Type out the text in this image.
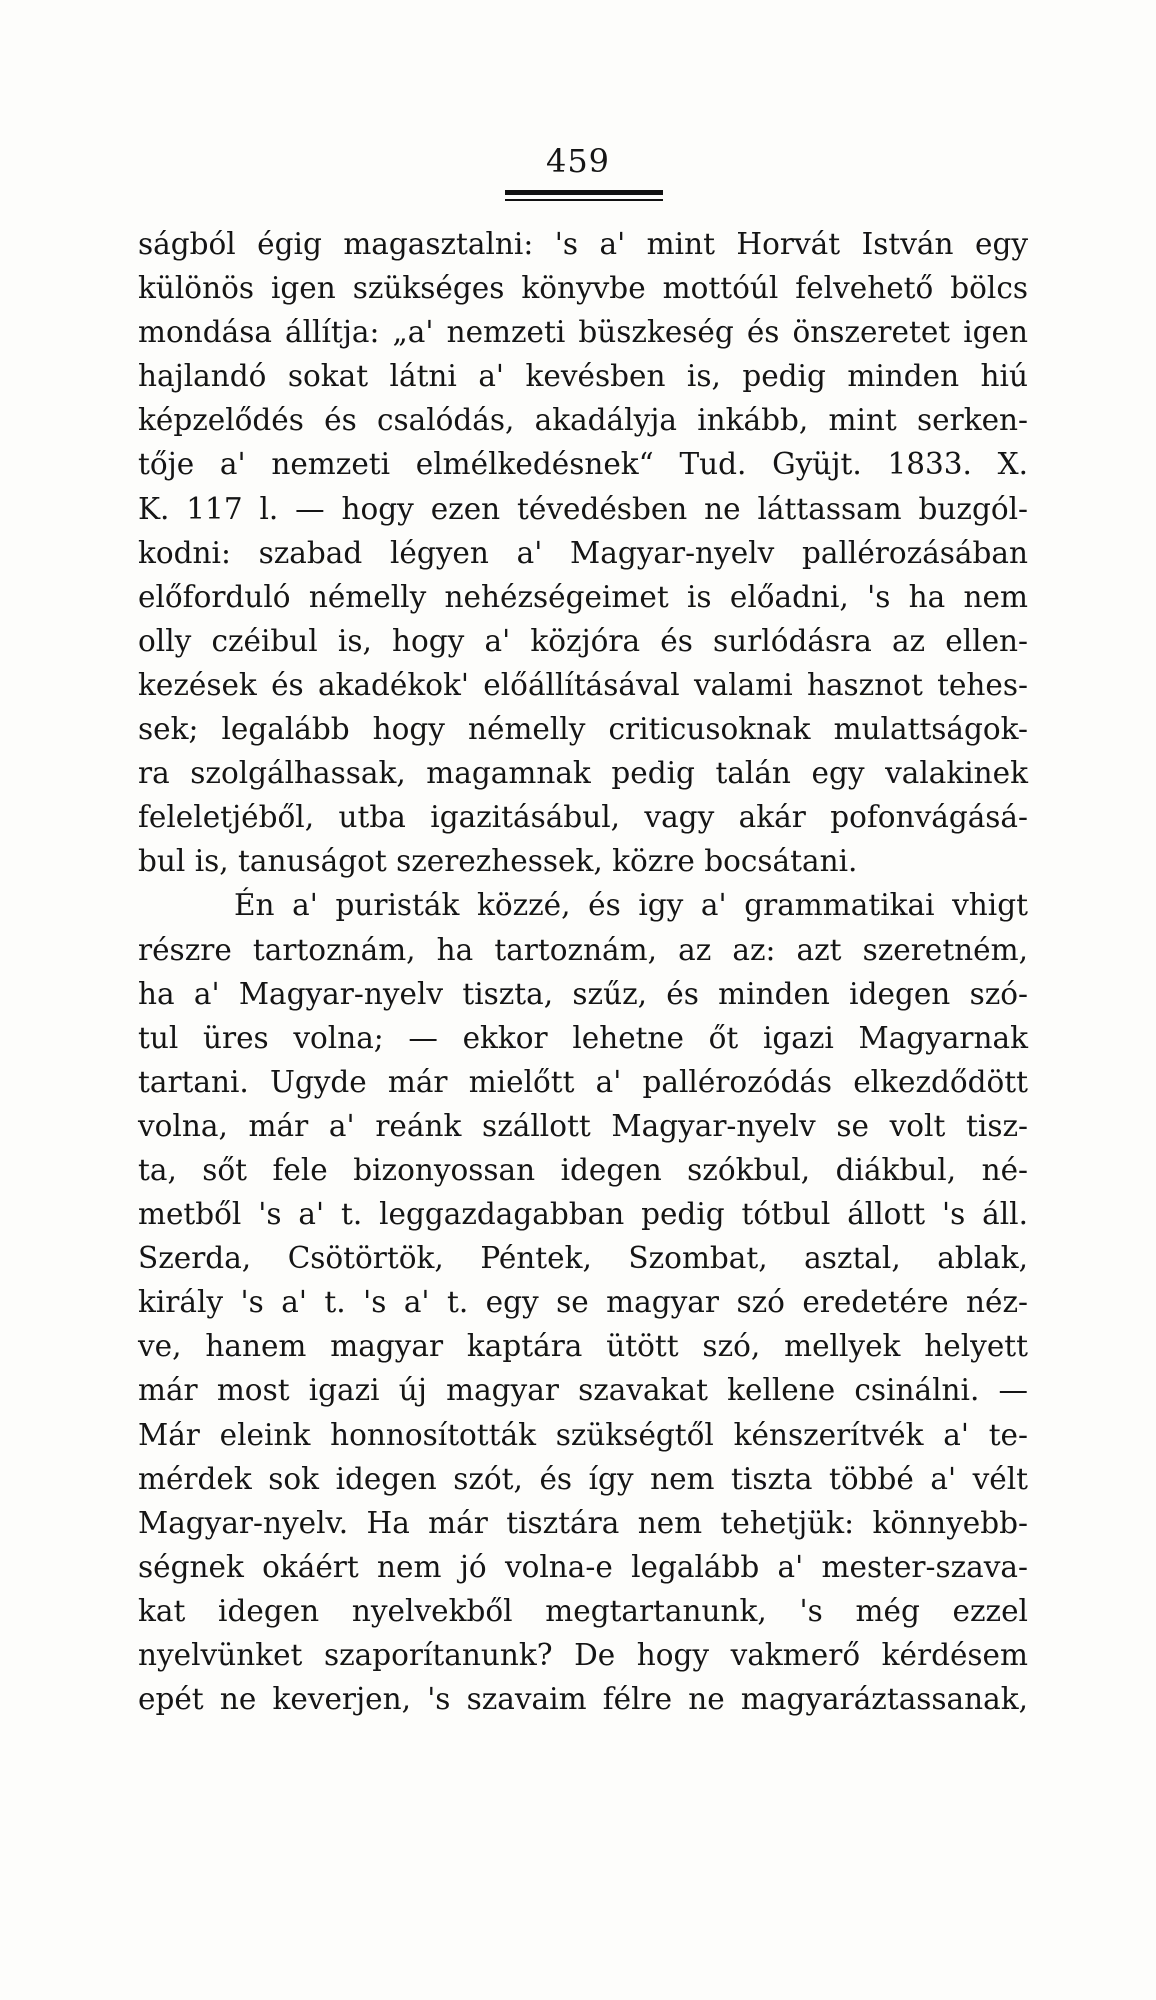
459
ságból égig magasztalni: 's a' mint Horvát István egy
különös igen szükséges könyvbe mottóúl felvehető bölcs
mondása állítja: „a' nemzeti büszkeség és önszeretet igen
hajlandó sokat látni a' kevésben is, pedig minden hiú
képzelődés és csalódás, akadályja inkább, mint serken-
tője a' nemzeti elmélkedésnek“ Tud. Gyüjt. 1833. X.
K. 117 l. — hogy ezen tévedésben ne láttassam buzgól-
kodni: szabad légyen a' Magyar-nyelv pallérozásában
előforduló némelly nehézségeimet is előadni, 's ha nem
olly czéibul is, hogy a' közjóra és surlódásra az ellen-
kezések és akadékok' előállításával valami hasznot tehes-
sek; legalább hogy némelly criticusoknak mulattságok-
ra szolgálhassak, magamnak pedig talán egy valakinek
feleletjéből, utba igazitásábul, vagy akár pofonvágásá-
bul is, tanuságot szerezhessek, közre bocsátani.
Én a' puristák közzé, és igy a' grammatikai vhigt
részre tartoznám, ha tartoznám, az az: azt szeretném,
ha a' Magyar-nyelv tiszta, szűz, és minden idegen szó-
tul üres volna; — ekkor lehetne őt igazi Magyarnak
tartani. Ugyde már mielőtt a' pallérozódás elkezdődött
volna, már a' reánk szállott Magyar-nyelv se volt tisz-
ta, sőt fele bizonyossan idegen szókbul, diákbul, né-
metből 's a' t. leggazdagabban pedig tótbul állott 's áll.
Szerda, Csötörtök, Péntek, Szombat, asztal, ablak,
király 's a' t. 's a' t. egy se magyar szó eredetére néz-
ve, hanem magyar kaptára ütött szó, mellyek helyett
már most igazi új magyar szavakat kellene csinálni. —
Már eleink honnosították szükségtől kénszerítvék a' te-
mérdek sok idegen szót, és így nem tiszta többé a' vélt
Magyar-nyelv. Ha már tisztára nem tehetjük: könnyebb-
ségnek okáért nem jó volna-e legalább a' mester-szava-
kat idegen nyelvekből megtartanunk, 's még ezzel
nyelvünket szaporítanunk? De hogy vakmerő kérdésem
epét ne keverjen, 's szavaim félre ne magyaráztassanak,
